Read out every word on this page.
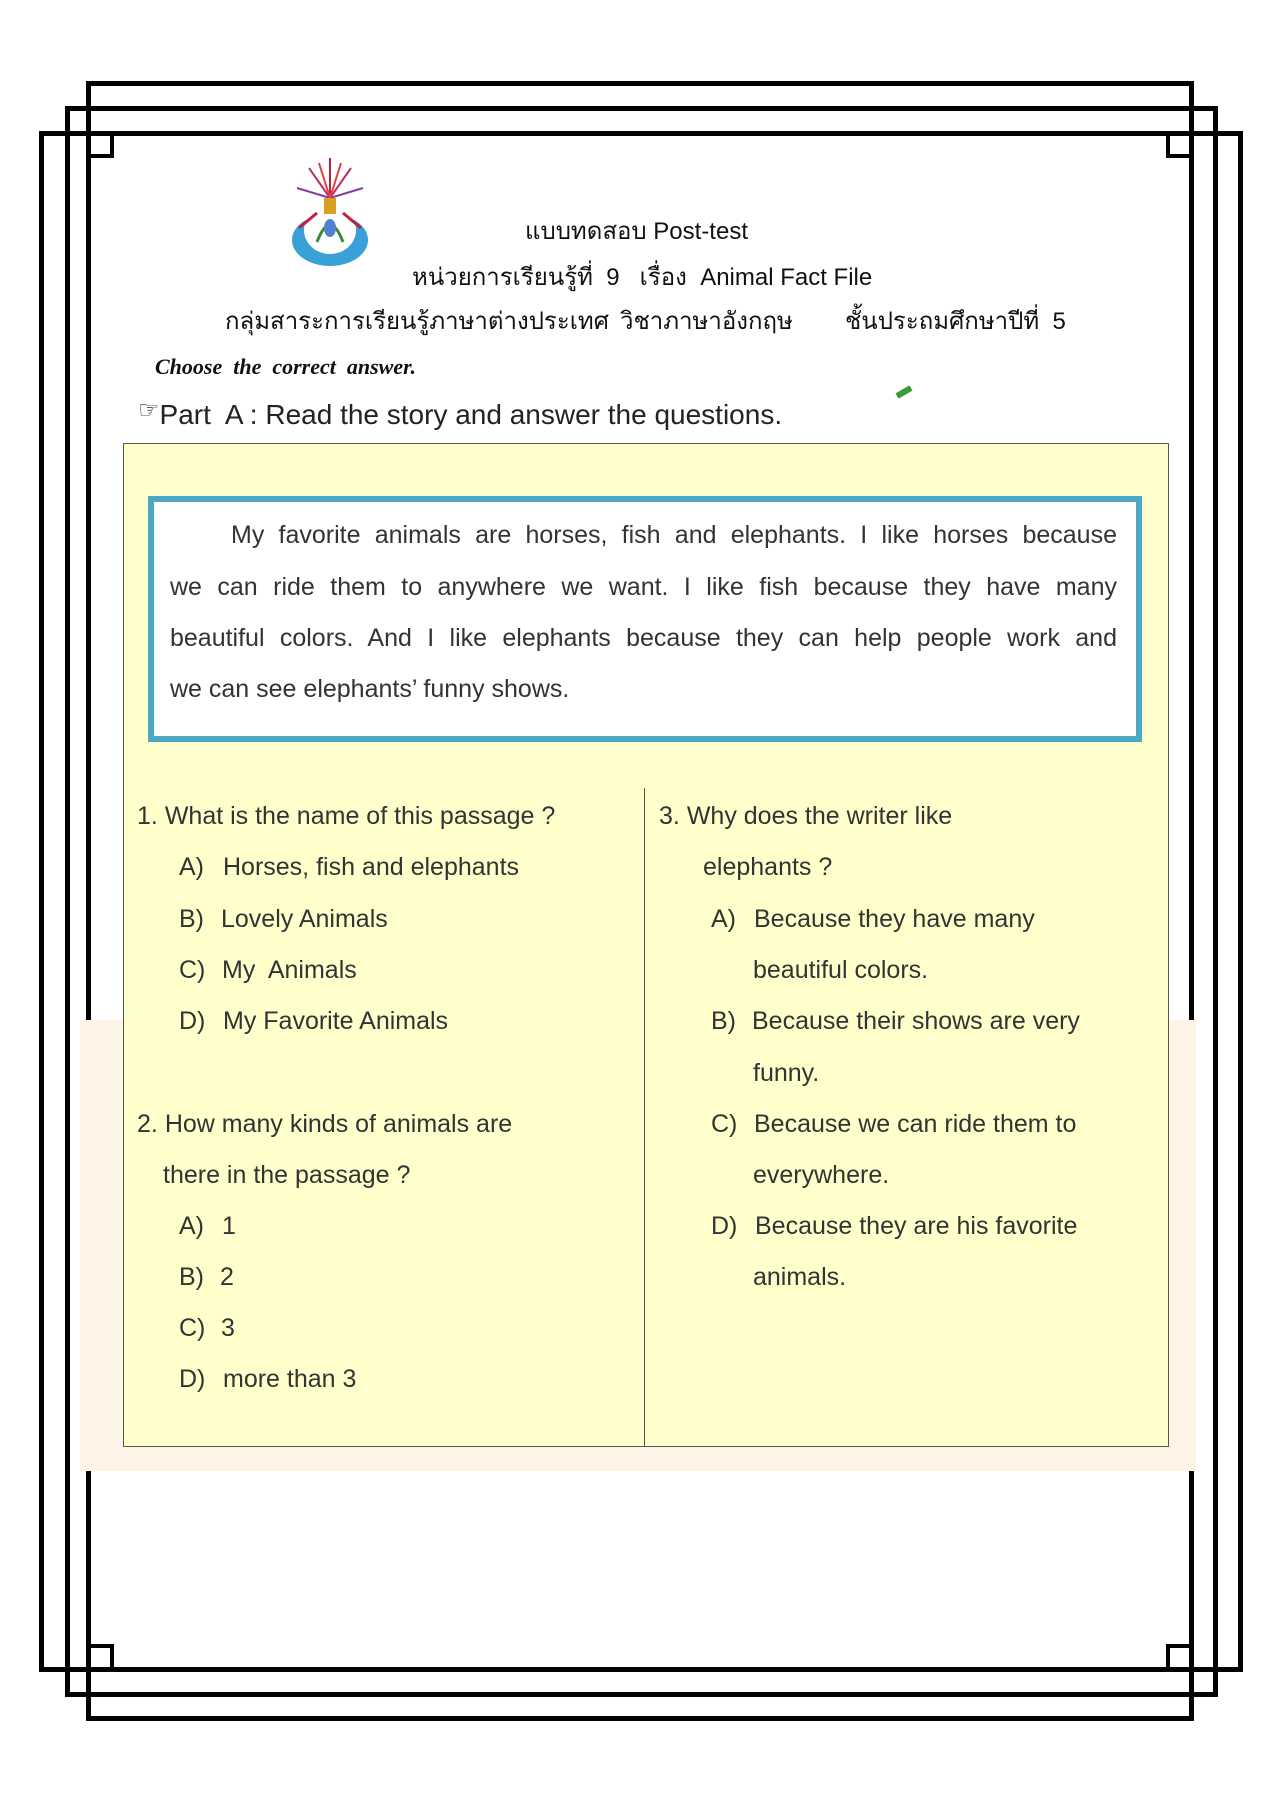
แบบทดสอบ Post-test
หน่วยการเรียนรู้ที่  9   เรื่อง  Animal Fact File
กลุ่มสาระการเรียนรู้ภาษาต่างประเทศ วิชาภาษาอังกฤษ ชั้นประถมศึกษาปีที่  5
Choose  the  correct  answer.
☞Part  A : Read the story and answer the questions.
My favorite animals are horses, fish and elephants. I like horses because
we can ride them to anywhere we want. I like fish because they have many
beautiful colors. And I like elephants because they can help people work and
we can see elephants’ funny shows.
1. What is the name of this passage ?
A) Horses, fish and elephants
B) Lovely Animals
C) My  Animals
D) My Favorite Animals
2. How many kinds of animals are
there in the passage ?
A) 1
B) 2
C) 3
D) more than 3
3. Why does the writer like
elephants ?
A) Because they have many
beautiful colors.
B) Because their shows are very
funny.
C) Because we can ride them to
everywhere.
D) Because they are his favorite
animals.
